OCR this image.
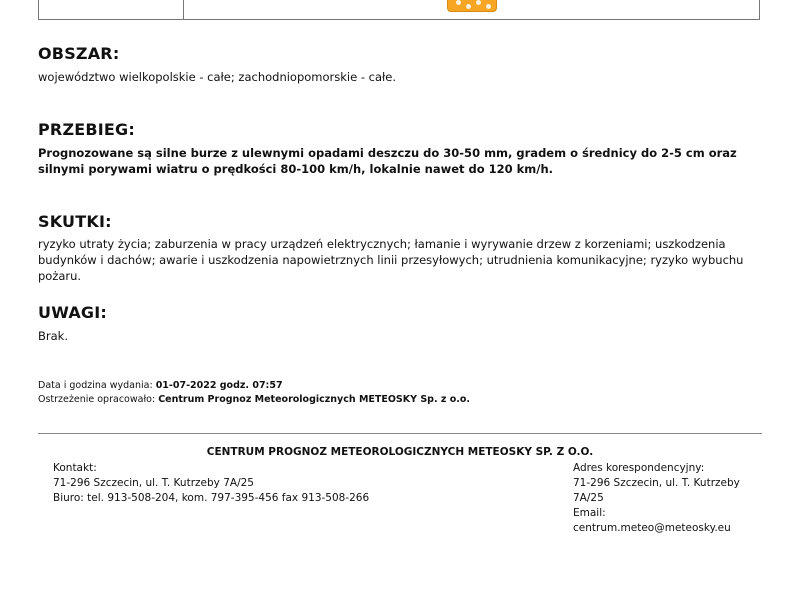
OBSZAR:

województwo wielkopolskie - całe; zachodniopomorskie - całe.

PRZEBIEG:

Prognozowane są silne burze z ulewnymi opadami deszczu do 30-50 mm, gradem o średnicy do 2-5 cm oraz silnymi porywami wiatru o prędkości 80-100 km/h, lokalnie nawet do 120 km/h.

SKUTKI:

ryzyko utraty życia; zaburzenia w pracy urządzeń elektrycznych; łamanie i wyrywanie drzew z korzeniami; uszkodzenia budynków i dachów; awarie i uszkodzenia napowietrznych linii przesyłowych; utrudnienia komunikacyjne; ryzyko wybuchu pożaru.

UWAGI:

Brak.

Data i godzina wydania: 01-07-2022 godz. 07:57
Ostrzeżenie opracowało: Centrum Prognoz Meteorologicznych METEOSKY Sp. z o.o.
CENTRUM PROGNOZ METEOROLOGICZNYCH METEOSKY SP. Z O.O.
Kontakt:
71-296 Szczecin, ul. T. Kutrzeby 7A/25
Biuro: tel. 913-508-204, kom. 797-395-456 fax 913-508-266
Adres korespondencyjny:
71-296 Szczecin, ul. T. Kutrzeby
7A/25
Email:
centrum.meteo@meteosky.eu
